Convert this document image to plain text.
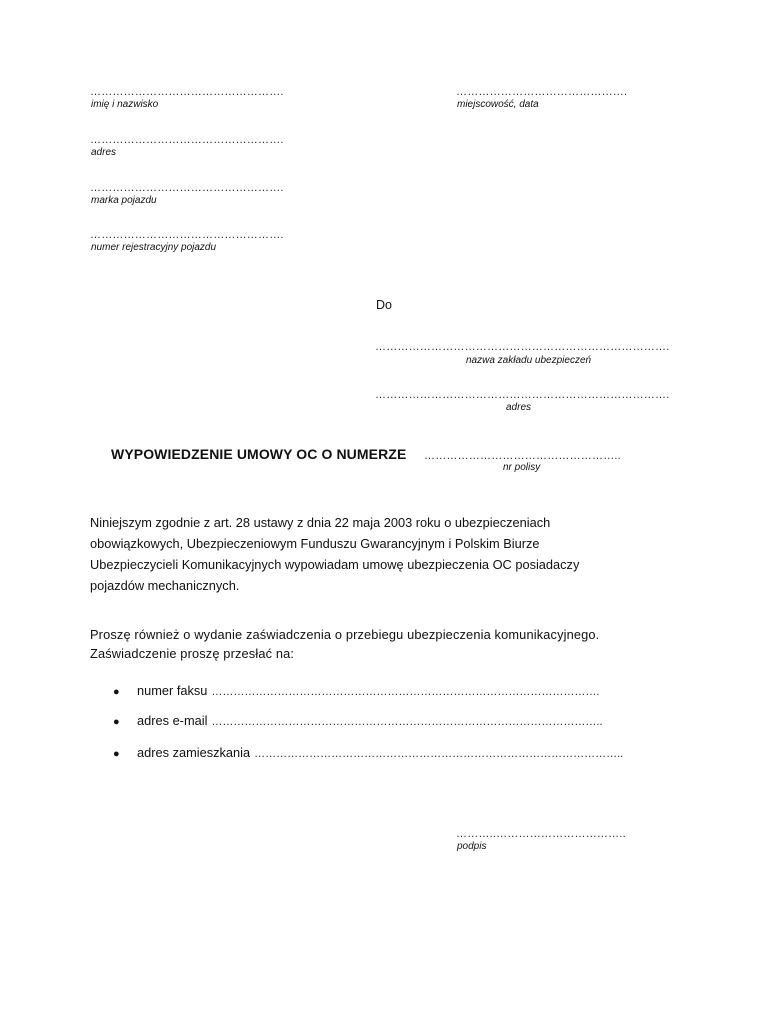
…………………………………………….
imię i nazwisko
…………………………………………….
adres
…………………………………………….
marka pojazdu
…………………………………………….
numer rejestracyjny pojazdu
……………………………………….
miejscowość, data
Do
…………………………………………………………………….
nazwa zakładu ubezpieczeń
…………………………………………………………………….
adres
WYPOWIEDZENIE UMOWY OC O NUMERZE ……………………………………………..
nr polisy
Niniejszym zgodnie z art. 28 ustawy z dnia 22 maja 2003 roku o ubezpieczeniach
obowiązkowych, Ubezpieczeniowym Funduszu Gwarancyjnym i Polskim Biurze
Ubezpieczycieli Komunikacyjnych wypowiadam umowę ubezpieczenia OC posiadaczy
pojazdów mechanicznych.
Proszę również o wydanie zaświadczenia o przebiegu ubezpieczenia komunikacyjnego.
Zaświadczenie proszę przesłać na:
●	numer faksu …………………………………………………………………………………………….
●	adres e-mail ……………………………………………………………………………………………..
●	adres zamieszkania ………………………………………………………………………………………..
………..……………………………..
podpis
